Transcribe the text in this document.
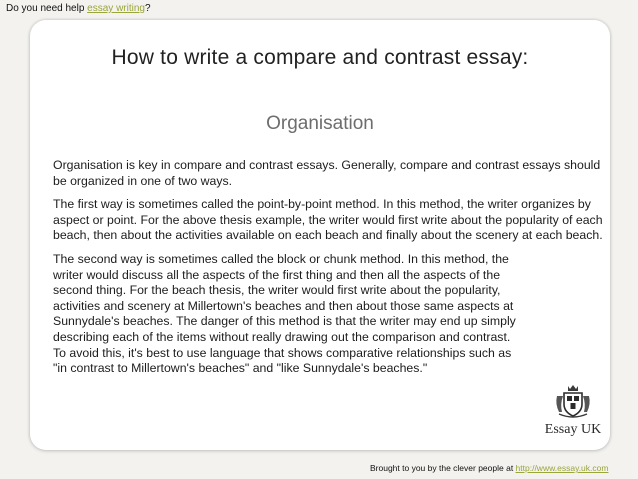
Do you need help essay writing?
How to write a compare and contrast essay:
Organisation

Organisation is key in compare and contrast essays. Generally, compare and contrast essays should be organized in one of two ways.

The first way is sometimes called the point-by-point method. In this method, the writer organizes by aspect or point. For the above thesis example, the writer would first write about the popularity of each beach, then about the activities available on each beach and finally about the scenery at each beach.

The second way is sometimes called the block or chunk method. In this method, the writer would discuss all the aspects of the first thing and then all the aspects of the second thing. For the beach thesis, the writer would first write about the popularity, activities and scenery at Millertown's beaches and then about those same aspects at Sunnydale's beaches. The danger of this method is that the writer may end up simply describing each of the items without really drawing out the comparison and contrast. To avoid this, it's best to use language that shows comparative relationships such as "in contrast to Millertown's beaches" and "like Sunnydale's beaches."

Essay UK
Brought to you by the clever people at http://www.essay.uk.com
